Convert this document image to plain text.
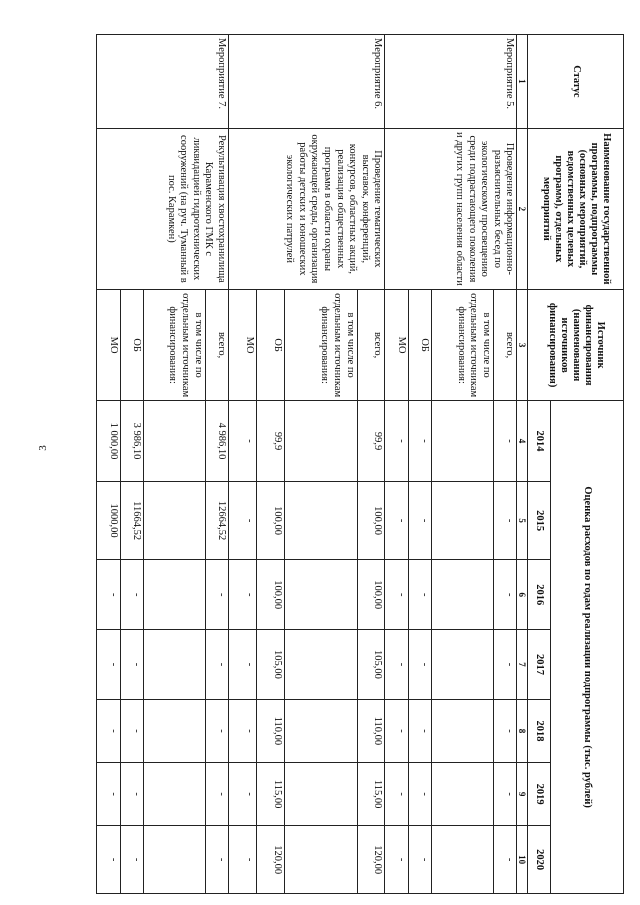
3
Статус	Наименование государственной программы, подпрограммы (основных мероприятий, ведомственных целевых программ), отдельных мероприятий	Источник финансирования (наименования источников финансирования)	Оценка расходов по годам реализации подпрограммы (тыс. рублей)						
			2014	2015	2016	2017	2018	2019	2020
1	2	3	4	5	6	7	8	9	10
Мероприятие 5.	Проведение информационно-разъяснительных бесед по экологическому просвещению среди подрастающего поколения и других групп населения области	всего,	-	-	-	-	-	-	-
		в том числе по отдельным источникам финансирования:							
		ОБ	-	-	-	-	-	-	-
		МО	-	-	-	-	-	-	-
Мероприятие 6.	Проведение тематических выставок, конференций, конкурсов, областных акций, реализация общественных программ в области охраны окружающей среды, организация работы детских и юношеских экологических патрулей	всего,	99,9	100,00	100,00	105,00	110,00	115,00	120,00
		в том числе по отдельным источникам финансирования:							
		ОБ	99,9	100,00	100,00	105,00	110,00	115,00	120,00
		МО	-	-	-	-	-	-	-
Мероприятие 7.	Рекультивация хвостохранилища Караменского ГМК с ликвидацией гидротехнических сооружений (на руч. Туманный в пос. Карамкен)	всего,	4 986,10	12664,52	-	-	-	-	-
		в том числе по отдельным источникам финансирования:							
		ОБ	3 986,10	11664,52	-	-	-	-	-
		МО	1 000,00	1000,00	-	-	-	-	-
